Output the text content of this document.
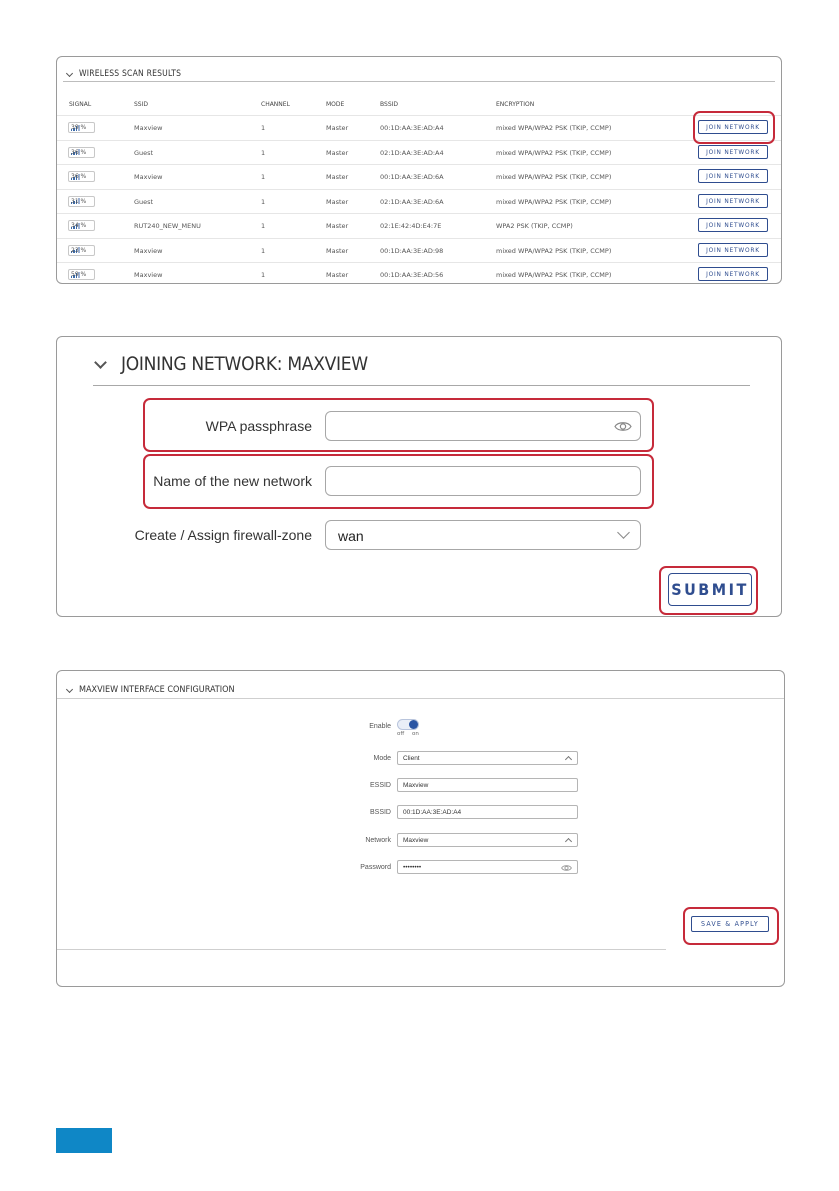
WIRELESS SCAN RESULTS
SIGNAL	SSID	CHANNEL	MODE	BSSID	ENCRYPTION
39 %	Maxview	1	Master	00:1D:AA:3E:AD:A4	mixed WPA/WPA2 PSK (TKIP, CCMP)	JOIN NETWORK
36 %	Guest	1	Master	02:1D:AA:3E:AD:A4	mixed WPA/WPA2 PSK (TKIP, CCMP)	JOIN NETWORK
36 %	Maxview	1	Master	00:1D:AA:3E:AD:6A	mixed WPA/WPA2 PSK (TKIP, CCMP)	JOIN NETWORK
31 %	Guest	1	Master	02:1D:AA:3E:AD:6A	mixed WPA/WPA2 PSK (TKIP, CCMP)	JOIN NETWORK
34 %	RUT240_NEW_MENU	1	Master	02:1E:42:4D:E4:7E	WPA2 PSK (TKIP, CCMP)	JOIN NETWORK
23 %	Maxview	1	Master	00:1D:AA:3E:AD:98	mixed WPA/WPA2 PSK (TKIP, CCMP)	JOIN NETWORK
59 %	Maxview	1	Master	00:1D:AA:3E:AD:56	mixed WPA/WPA2 PSK (TKIP, CCMP)	JOIN NETWORK
JOINING NETWORK: MAXVIEW
WPA passphrase
Name of the new network
Create / Assign firewall-zone wan
SUBMIT
MAXVIEW INTERFACE CONFIGURATION
Enable
off on
Mode Client
ESSID Maxview
BSSID 00:1D:AA:3E:AD:A4
Network Maxview
Password ••••••••
SAVE & APPLY
